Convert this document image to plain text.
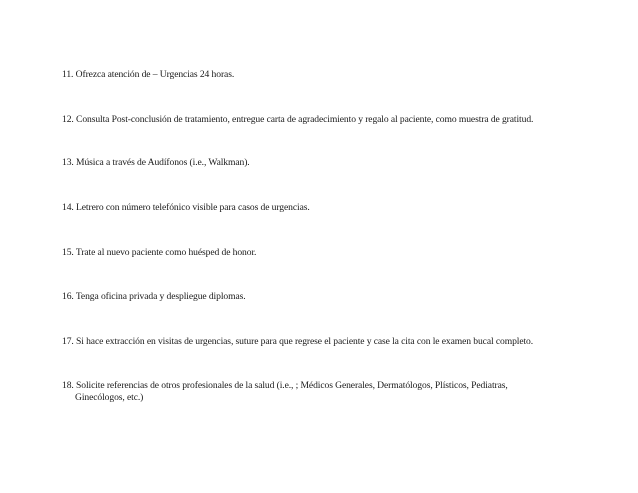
11. Ofrezca atención de – Urgencias 24 horas.
12. Consulta Post-conclusión de tratamiento, entregue carta de agradecimiento y regalo al paciente, como muestra de gratitud.
13. Música a través de Audífonos (i.e., Walkman).
14. Letrero con número telefónico visible para casos de urgencias.
15. Trate al nuevo paciente como huésped de honor.
16. Tenga oficina privada y despliegue diplomas.
17. Si hace extracción en visitas de urgencias, suture para que regrese el paciente y case la cita con le examen bucal completo.
18. Solicite referencias de otros profesionales de la salud (i.e., ; Médicos Generales, Dermatólogos, Plísticos, Pediatras,
Ginecólogos, etc.)
